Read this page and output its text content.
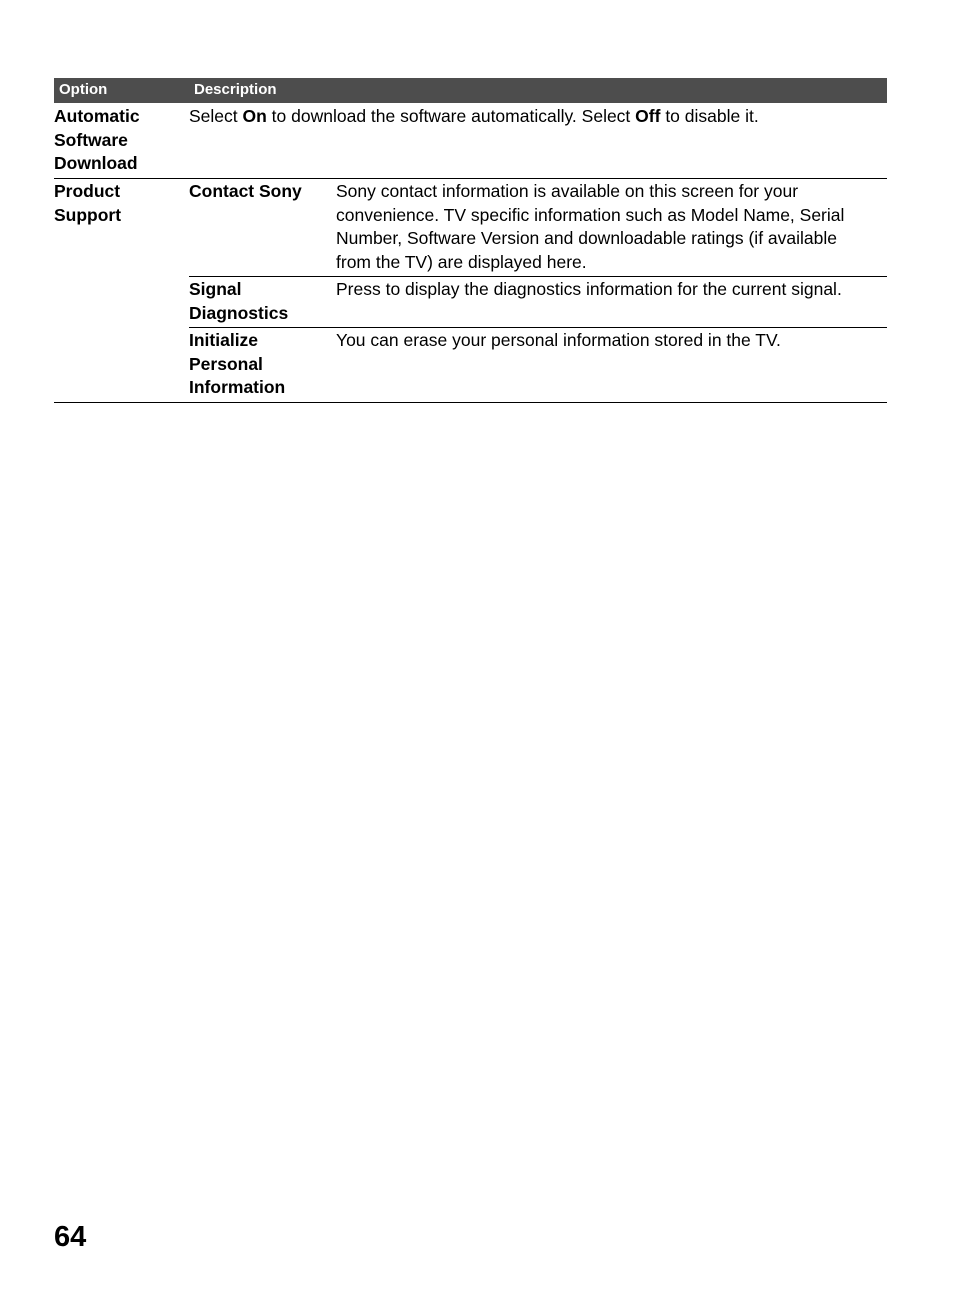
Option	Description
Automatic
Software
Download
Select On to download the software automatically. Select Off to disable it.
Product
Support
Contact Sony	Sony contact information is available on this screen for your convenience. TV specific information such as Model Name, Serial Number, Software Version and downloadable ratings (if available from the TV) are displayed here.
Signal
Diagnostics
Press to display the diagnostics information for the current signal.
Initialize
Personal
Information
You can erase your personal information stored in the TV.
64
